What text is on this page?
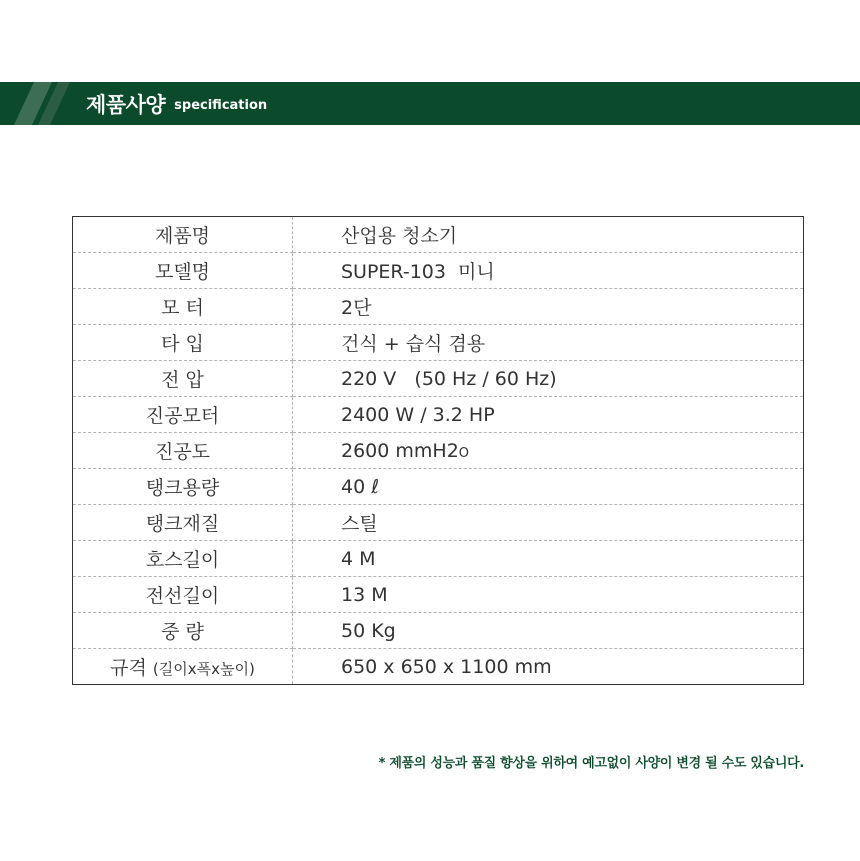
제품사양 specification
제품명	산업용 청소기
모델명	SUPER-103  미니
모 터	2단
타 입	건식 + 습식 겸용
전 압	220 V   (50 Hz / 60 Hz)
진공모터	2400 W / 3.2 HP
진공도	2600 mmH2O
탱크용량	40 ℓ
탱크재질	스틸
호스길이	4 M
전선길이	13 M
중 량	50 Kg
규격 (길이x폭x높이)	650 x 650 x 1100 mm
* 제품의 성능과 품질 향상을 위하여 예고없이 사양이 변경 될 수도 있습니다.
